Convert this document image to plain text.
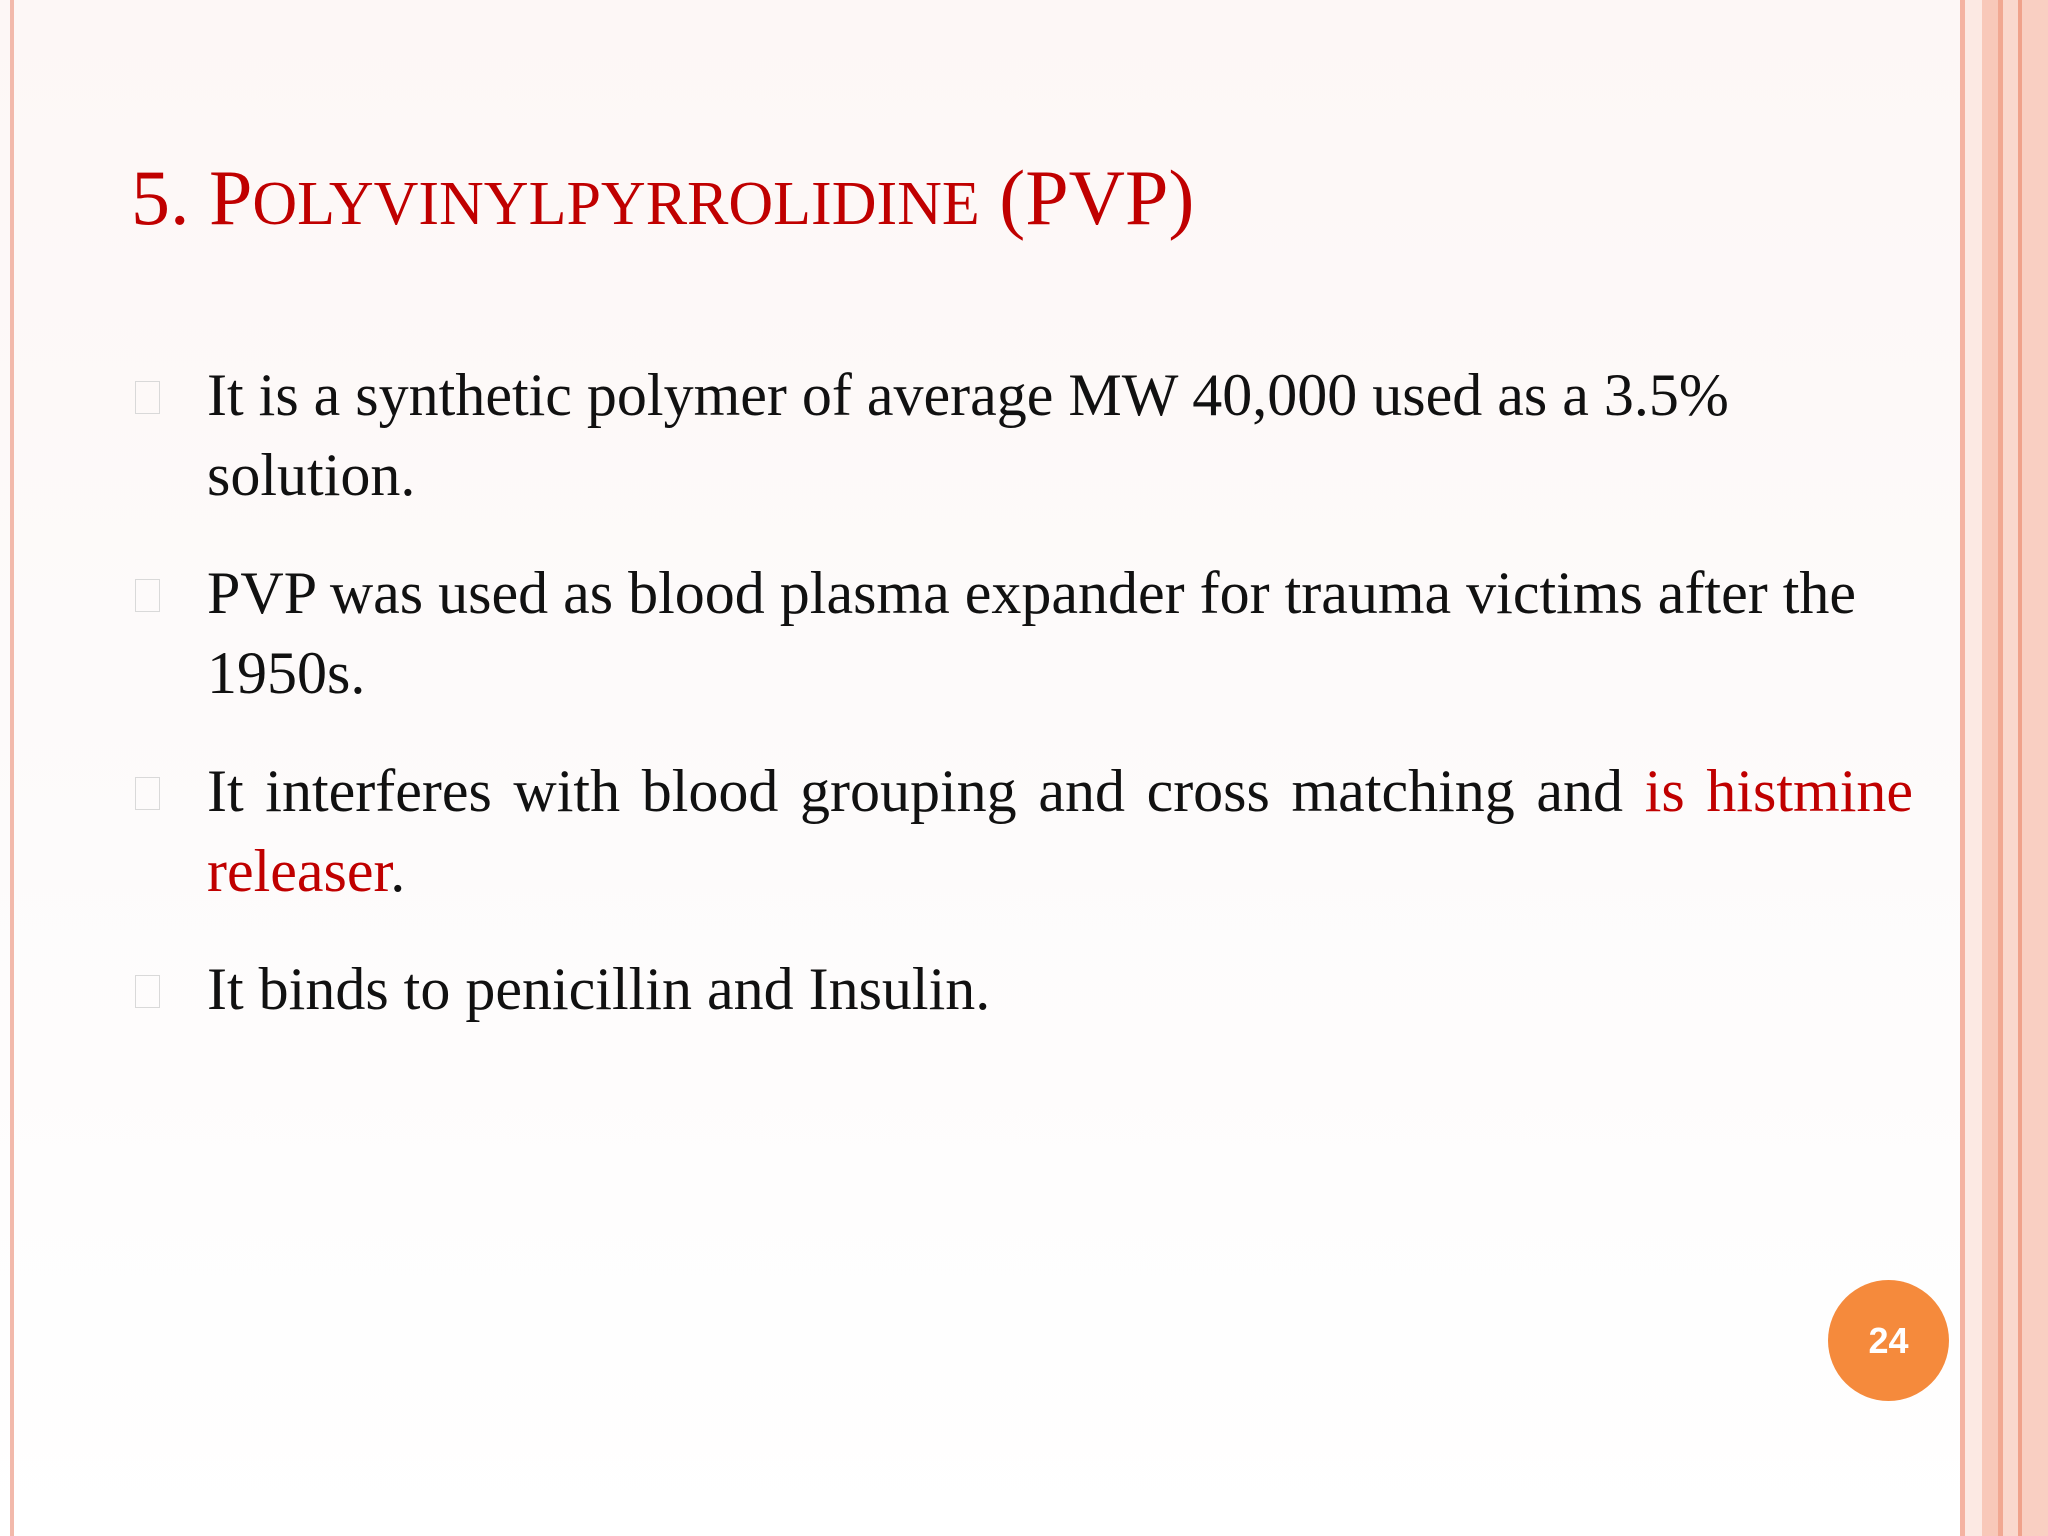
5. POLYVINYLPYRROLIDINE (PVP)
It is a synthetic polymer of average MW 40,000 used as a 3.5% solution.
PVP was used as blood plasma expander for trauma victims after the 1950s.
It interferes with blood grouping and cross matching and is histmine releaser.
It binds to penicillin and Insulin.
24
